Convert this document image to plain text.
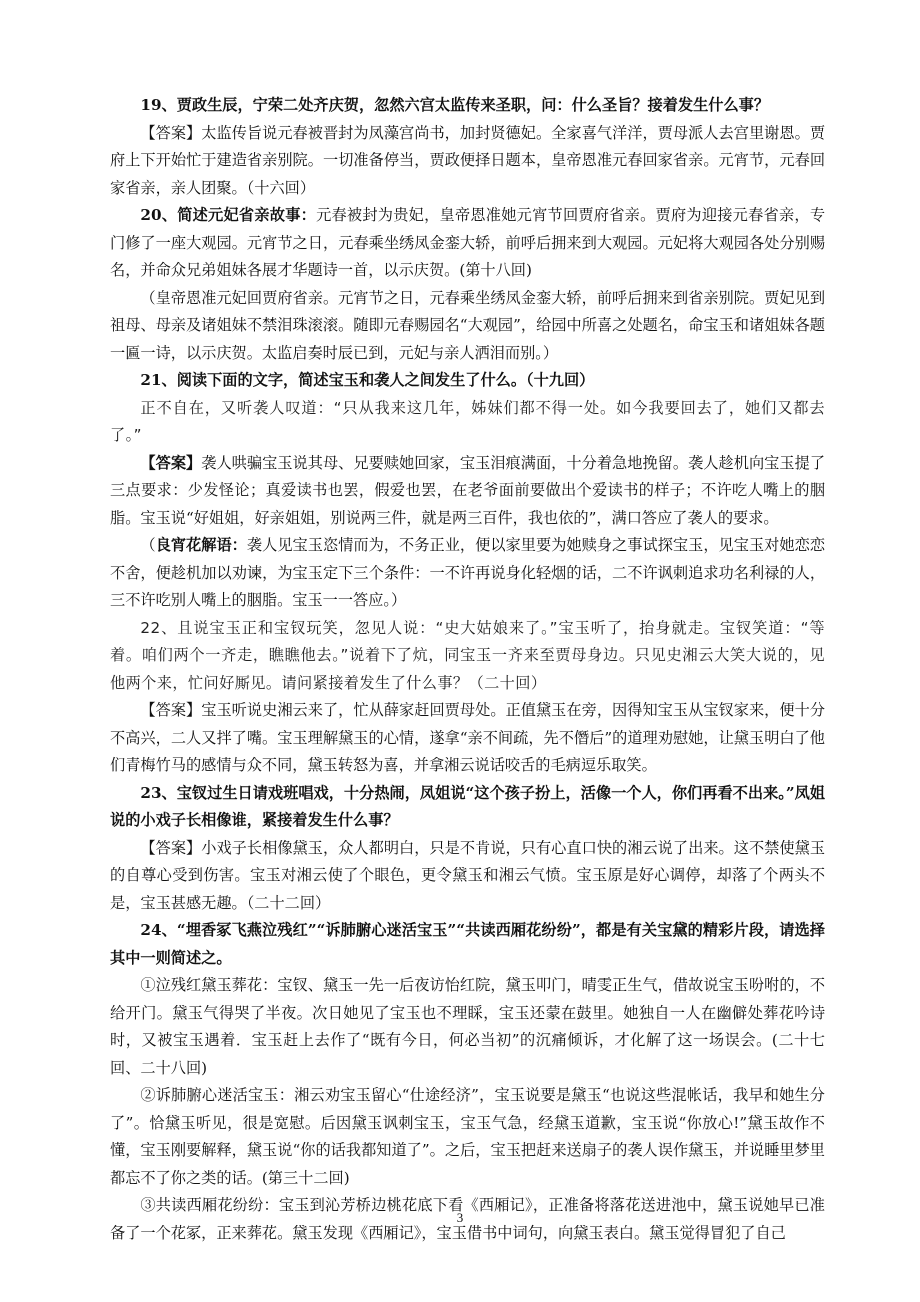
19、贾政生辰，宁荣二处齐庆贺，忽然六宫太监传来圣职，问：什么圣旨？接着发生什么事？

【答案】太监传旨说元春被晋封为凤藻宫尚书，加封贤德妃。全家喜气洋洋，贾母派人去宫里谢恩。贾府上下开始忙于建造省亲别院。一切准备停当，贾政便择日题本，皇帝恩准元春回家省亲。元宵节，元春回家省亲，亲人团聚。（十六回）

20、简述元妃省亲故事：元春被封为贵妃，皇帝恩准她元宵节回贾府省亲。贾府为迎接元春省亲，专门修了一座大观园。元宵节之日，元春乘坐绣凤金銮大轿，前呼后拥来到大观园。元妃将大观园各处分别赐名，并命众兄弟姐妹各展才华题诗一首，以示庆贺。(第十八回)

（皇帝恩准元妃回贾府省亲。元宵节之日，元春乘坐绣凤金銮大轿，前呼后拥来到省亲别院。贾妃见到祖母、母亲及诸姐妹不禁泪珠滚滚。随即元春赐园名“大观园”，给园中所喜之处题名，命宝玉和诸姐妹各题一匾一诗，以示庆贺。太监启奏时辰已到，元妃与亲人洒泪而别。）

21、阅读下面的文字，简述宝玉和袭人之间发生了什么。（十九回）

正不自在，又听袭人叹道：“只从我来这几年，姊妹们都不得一处。如今我要回去了，她们又都去了。”

【答案】袭人哄骗宝玉说其母、兄要赎她回家，宝玉泪痕满面，十分着急地挽留。袭人趁机向宝玉提了三点要求：少发怪论；真爱读书也罢，假爱也罢，在老爷面前要做出个爱读书的样子；不许吃人嘴上的胭脂。宝玉说“好姐姐，好亲姐姐，别说两三件，就是两三百件，我也依的”，满口答应了袭人的要求。

（良宵花解语：袭人见宝玉恣情而为，不务正业，便以家里要为她赎身之事试探宝玉，见宝玉对她恋恋不舍，便趁机加以劝谏，为宝玉定下三个条件：一不许再说身化轻烟的话，二不许讽刺追求功名利禄的人，三不许吃别人嘴上的胭脂。宝玉一一答应。）

22、且说宝玉正和宝钗玩笑，忽见人说：“史大姑娘来了。”宝玉听了，抬身就走。宝钗笑道：“等着。咱们两个一齐走，瞧瞧他去。”说着下了炕，同宝玉一齐来至贾母身边。只见史湘云大笑大说的，见他两个来，忙问好厮见。请问紧接着发生了什么事？（二十回）

【答案】宝玉听说史湘云来了，忙从薛家赶回贾母处。正值黛玉在旁，因得知宝玉从宝钗家来，便十分不高兴，二人又拌了嘴。宝玉理解黛玉的心情，遂拿“亲不间疏，先不僭后”的道理劝慰她，让黛玉明白了他们青梅竹马的感情与众不同，黛玉转怒为喜，并拿湘云说话咬舌的毛病逗乐取笑。

23、宝钗过生日请戏班唱戏，十分热闹，凤姐说“这个孩子扮上，活像一个人，你们再看不出来。”凤姐说的小戏子长相像谁，紧接着发生什么事？

【答案】小戏子长相像黛玉，众人都明白，只是不肯说，只有心直口快的湘云说了出来。这不禁使黛玉的自尊心受到伤害。宝玉对湘云使了个眼色，更令黛玉和湘云气愤。宝玉原是好心调停，却落了个两头不是，宝玉甚感无趣。（二十二回）

24、“埋香冢飞燕泣残红”“诉肺腑心迷活宝玉”“共读西厢花纷纷”，都是有关宝黛的精彩片段，请选择其中一则简述之。

①泣残红黛玉葬花：宝钗、黛玉一先一后夜访怡红院，黛玉叩门，晴雯正生气，借故说宝玉吩咐的，不给开门。黛玉气得哭了半夜。次日她见了宝玉也不理睬，宝玉还蒙在鼓里。她独自一人在幽僻处葬花吟诗时，又被宝玉遇着．宝玉赶上去作了“既有今日，何必当初”的沉痛倾诉，才化解了这一场误会。(二十七回、二十八回)

②诉肺腑心迷活宝玉：湘云劝宝玉留心“仕途经济”，宝玉说要是黛玉“也说这些混帐话，我早和她生分了”。恰黛玉听见，很是宽慰。后因黛玉讽刺宝玉，宝玉气急，经黛玉道歉，宝玉说“你放心!”黛玉故作不懂，宝玉刚要解释，黛玉说“你的话我都知道了”。之后，宝玉把赶来送扇子的袭人误作黛玉，并说睡里梦里都忘不了你之类的话。(第三十二回)

③共读西厢花纷纷：宝玉到沁芳桥边桃花底下看《西厢记》，正准备将落花送进池中，黛玉说她早已准备了一个花冢，正来葬花。黛玉发现《西厢记》，宝玉借书中词句，向黛玉表白。黛玉觉得冒犯了自己

3
